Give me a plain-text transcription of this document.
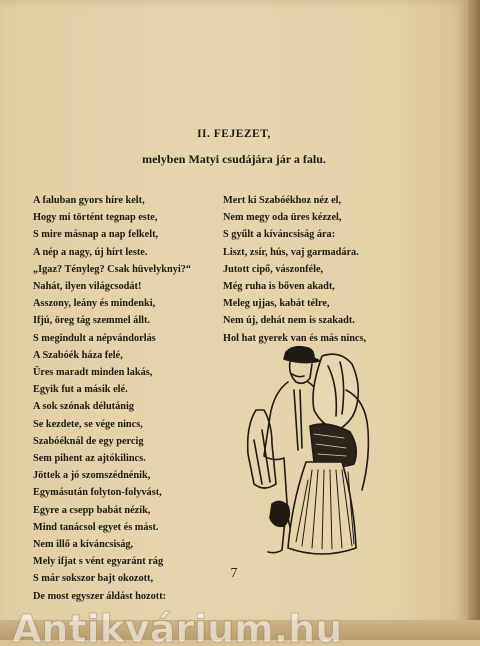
II. FEJEZET,
melyben Matyi csudájára jár a falu.
A faluban gyors híre kelt,
Hogy mi történt tegnap este,
S mire másnap a nap felkelt,
A nép a nagy, új hírt leste.
„Igaz? Tényleg? Csak hüvelyknyi?“
Nahát, ilyen világcsodát!
Asszony, leány és mindenki,
Ifjú, öreg tág szemmel állt.
S megindult a népvándorlás
A Szabóék háza felé,
Üres maradt minden lakás,
Egyik fut a másik elé.
A sok szónak délutánig
Se kezdete, se vége nincs,
Szabóéknál de egy percig
Sem pihent az ajtókilincs.
Jöttek a jó szomszédnénik,
Egymásután folyton-folyvást,
Egyre a csepp babát nézik,
Mind tanácsol egyet és mást.
Nem illő a kíváncsiság,
Mely ifjat s vént egyaránt rág
S már sokszor bajt okozott,
De most egyszer áldást hozott:
Mert ki Szabóékhoz néz el,
Nem megy oda üres kézzel,
S gyűlt a kíváncsiság ára:
Liszt, zsír, hús, vaj garmadára.
Jutott cipő, vászonféle,
Még ruha is bőven akadt,
Meleg ujjas, kabát télre,
Nem új, dehát nem is szakadt.
Hol hat gyerek van és más nincs,
7
Antikvárium.hu
